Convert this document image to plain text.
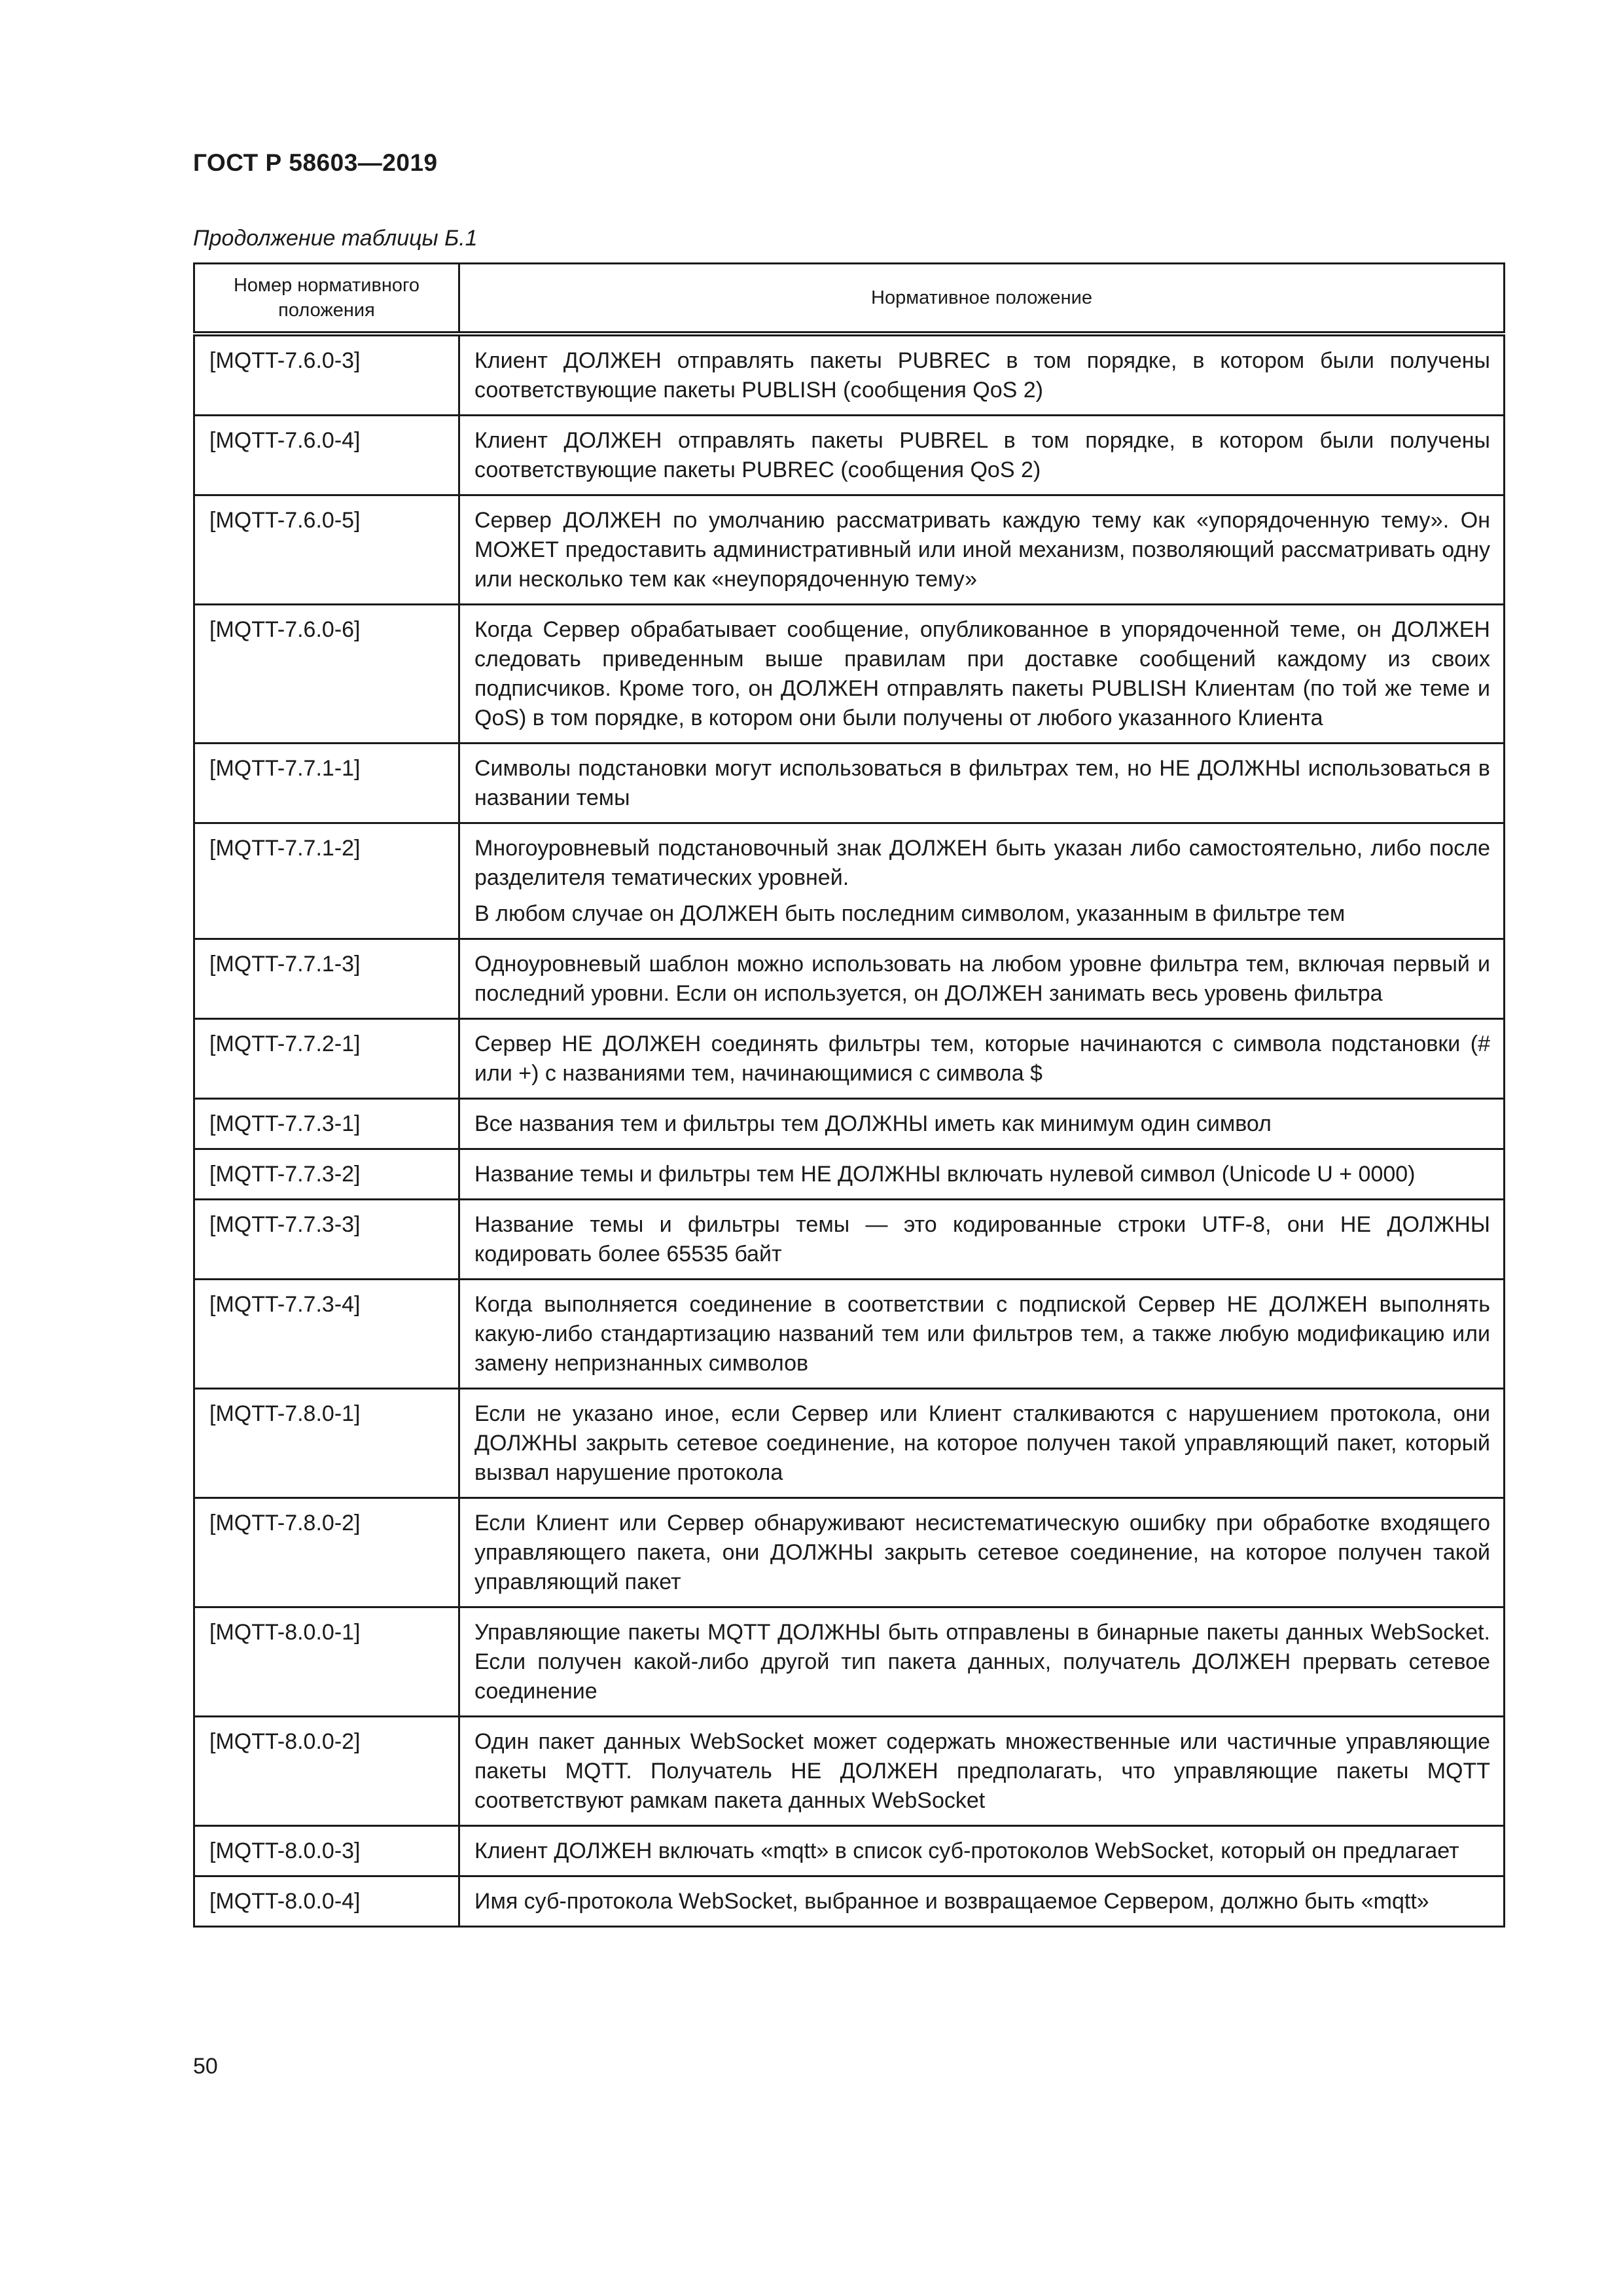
ГОСТ Р 58603—2019
Продолжение таблицы Б.1
Номер нормативного положения	Нормативное положение
[MQTT-7.6.0-3]	Клиент ДОЛЖЕН отправлять пакеты PUBREC в том порядке, в котором были получены соответствующие пакеты PUBLISH (сообщения QoS 2)

[MQTT-7.6.0-4]	Клиент ДОЛЖЕН отправлять пакеты PUBREL в том порядке, в котором были получены соответствующие пакеты PUBREC (сообщения QoS 2)

[MQTT-7.6.0-5]	Сервер ДОЛЖЕН по умолчанию рассматривать каждую тему как «упорядоченную тему». Он МОЖЕТ предоставить административный или иной механизм, позволяющий рассматривать одну или несколько тем как «неупорядоченную тему»

[MQTT-7.6.0-6]	Когда Сервер обрабатывает сообщение, опубликованное в упорядоченной теме, он ДОЛЖЕН следовать приведенным выше правилам при доставке сообщений каждому из своих подписчиков. Кроме того, он ДОЛЖЕН отправлять пакеты PUBLISH Клиентам (по той же теме и QoS) в том порядке, в котором они были получены от любого указанного Клиента

[MQTT-7.7.1-1]	Символы подстановки могут использоваться в фильтрах тем, но НЕ ДОЛЖНЫ использоваться в названии темы

[MQTT-7.7.1-2]	Многоуровневый подстановочный знак ДОЛЖЕН быть указан либо самостоятельно, либо после разделителя тематических уровней.

В любом случае он ДОЛЖЕН быть последним символом, указанным в фильтре тем

[MQTT-7.7.1-3]	Одноуровневый шаблон можно использовать на любом уровне фильтра тем, включая первый и последний уровни. Если он используется, он ДОЛЖЕН занимать весь уровень фильтра

[MQTT-7.7.2-1]	Сервер НЕ ДОЛЖЕН соединять фильтры тем, которые начинаются с символа подстановки (# или +) с названиями тем, начинающимися с символа $

[MQTT-7.7.3-1]	Все названия тем и фильтры тем ДОЛЖНЫ иметь как минимум один символ

[MQTT-7.7.3-2]	Название темы и фильтры тем НЕ ДОЛЖНЫ включать нулевой символ (Unicode U + 0000)

[MQTT-7.7.3-3]	Название темы и фильтры темы — это кодированные строки UTF-8, они НЕ ДОЛЖНЫ кодировать более 65535 байт

[MQTT-7.7.3-4]	Когда выполняется соединение в соответствии с подпиской Сервер НЕ ДОЛЖЕН выполнять какую-либо стандартизацию названий тем или фильтров тем, а также любую модификацию или замену непризнанных символов

[MQTT-7.8.0-1]	Если не указано иное, если Сервер или Клиент сталкиваются с нарушением протокола, они ДОЛЖНЫ закрыть сетевое соединение, на которое получен такой управляющий пакет, который вызвал нарушение протокола

[MQTT-7.8.0-2]	Если Клиент или Сервер обнаруживают несистематическую ошибку при обработке входящего управляющего пакета, они ДОЛЖНЫ закрыть сетевое соединение, на которое получен такой управляющий пакет

[MQTT-8.0.0-1]	Управляющие пакеты MQTT ДОЛЖНЫ быть отправлены в бинарные пакеты данных WebSocket. Если получен какой-либо другой тип пакета данных, получатель ДОЛЖЕН прервать сетевое соединение

[MQTT-8.0.0-2]	Один пакет данных WebSocket может содержать множественные или частичные управляющие пакеты MQTT. Получатель НЕ ДОЛЖЕН предполагать, что управляющие пакеты MQTT соответствуют рамкам пакета данных WebSocket

[MQTT-8.0.0-3]	Клиент ДОЛЖЕН включать «mqtt» в список суб-протоколов WebSocket, который он предлагает

[MQTT-8.0.0-4]	Имя суб-протокола WebSocket, выбранное и возвращаемое Сервером, должно быть «mqtt»

50
